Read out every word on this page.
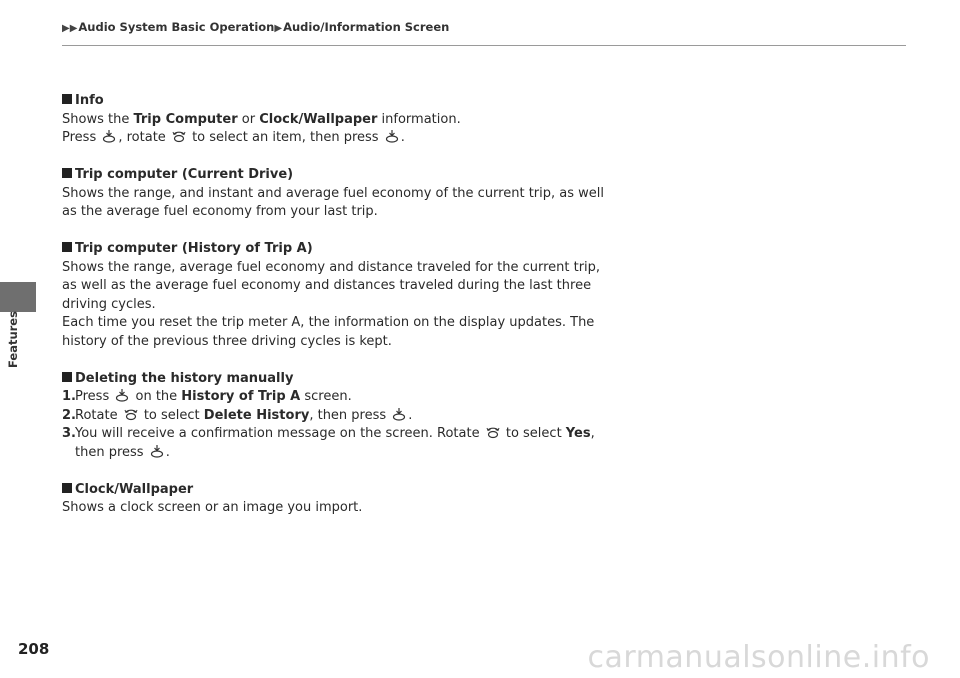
▶▶Audio System Basic Operation▶Audio/Information Screen
Features

Info

Shows the Trip Computer or Clock/Wallpaper information.

Press , rotate  to select an item, then press .

Trip computer (Current Drive)

Shows the range, and instant and average fuel economy of the current trip, as well

as the average fuel economy from your last trip.

Trip computer (History of Trip A)

Shows the range, average fuel economy and distance traveled for the current trip,

as well as the average fuel economy and distances traveled during the last three

driving cycles.

Each time you reset the trip meter A, the information on the display updates. The

history of the previous three driving cycles is kept.

Deleting the history manually

1.Press  on the History of Trip A screen.

2.Rotate  to select Delete History, then press .

3.You will receive a confirmation message on the screen. Rotate  to select Yes,

then press .

Clock/Wallpaper

Shows a clock screen or an image you import.

208	carmanualsonline.info
